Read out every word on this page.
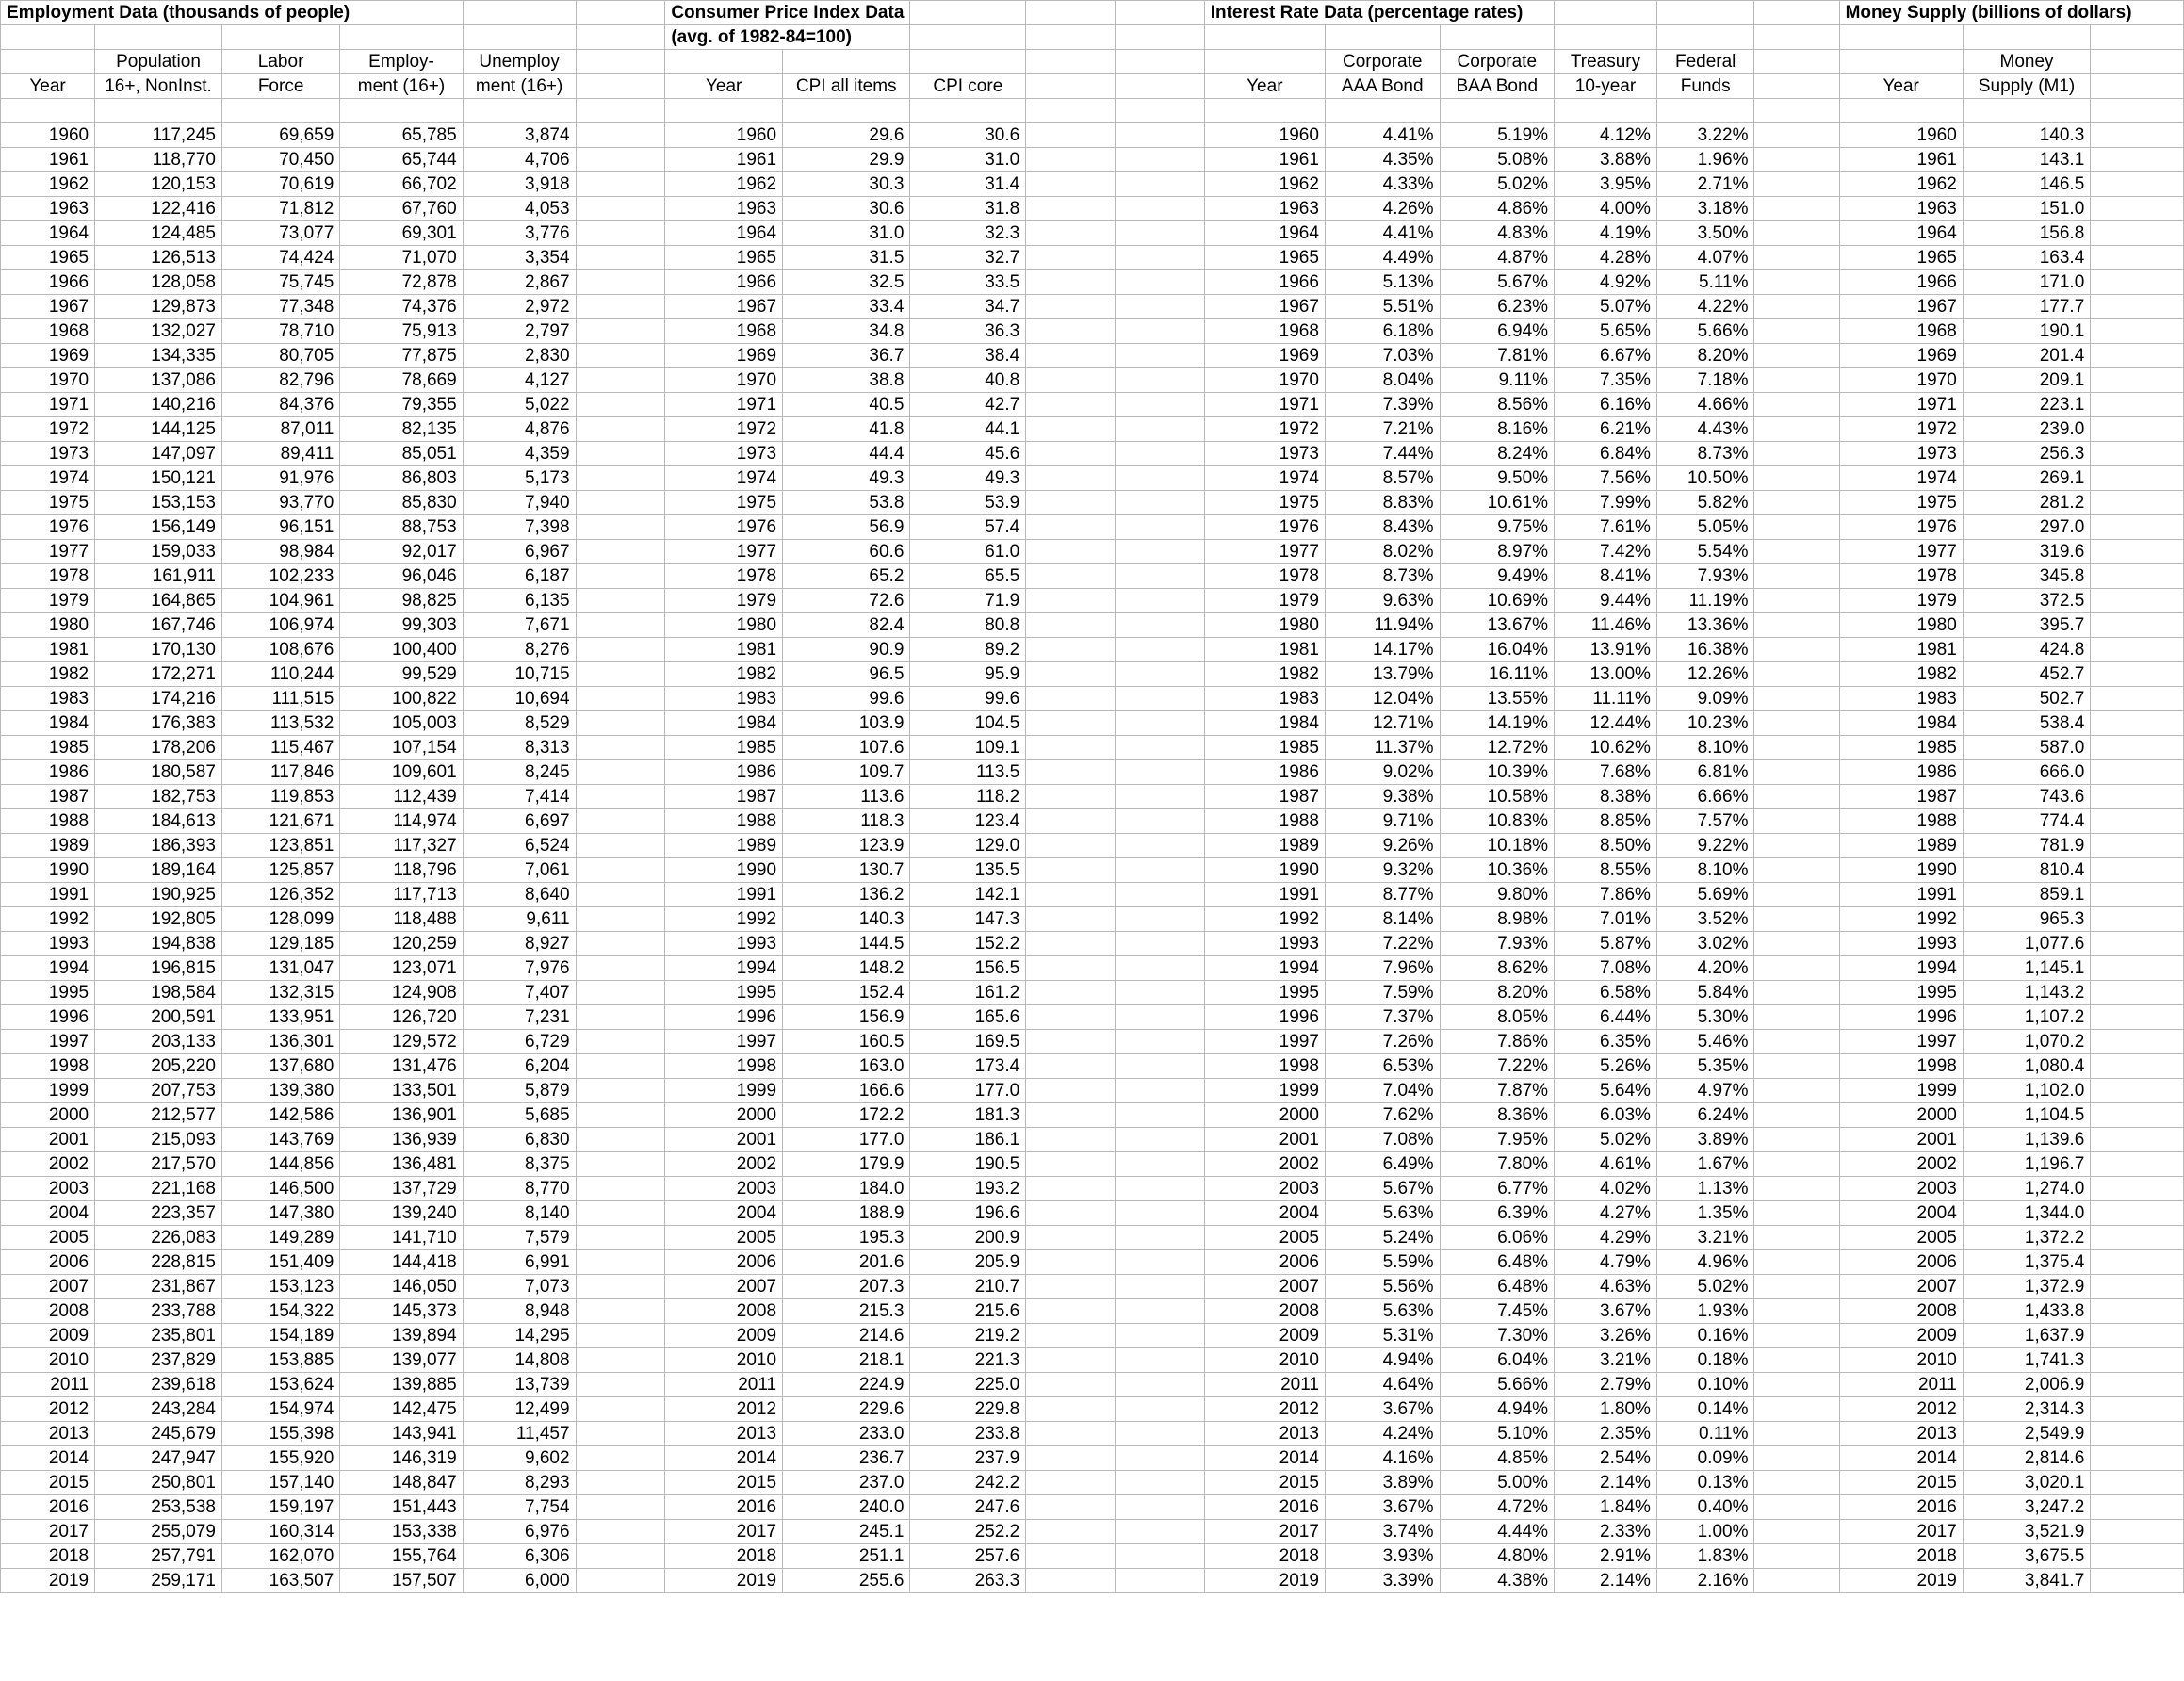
Employment Data (thousands of people)						Consumer Price Index Data					Interest Rate Data (percentage rates)						Money Supply (billions of dollars)		
						(avg. of 1982-84=100)													
	Population	Labor	Employ-	Unemploy								Corporate	Corporate	Treasury	Federal			Money	
Year	16+, NonInst.	Force	ment (16+)	ment (16+)		Year	CPI all items	CPI core			Year	AAA Bond	BAA Bond	10-year	Funds		Year	Supply (M1)	

1960	117,245	69,659	65,785	3,874		1960	29.6	30.6			1960	4.41%	5.19%	4.12%	3.22%		1960	140.3	
1961	118,770	70,450	65,744	4,706		1961	29.9	31.0			1961	4.35%	5.08%	3.88%	1.96%		1961	143.1	
1962	120,153	70,619	66,702	3,918		1962	30.3	31.4			1962	4.33%	5.02%	3.95%	2.71%		1962	146.5	
1963	122,416	71,812	67,760	4,053		1963	30.6	31.8			1963	4.26%	4.86%	4.00%	3.18%		1963	151.0	
1964	124,485	73,077	69,301	3,776		1964	31.0	32.3			1964	4.41%	4.83%	4.19%	3.50%		1964	156.8	
1965	126,513	74,424	71,070	3,354		1965	31.5	32.7			1965	4.49%	4.87%	4.28%	4.07%		1965	163.4	
1966	128,058	75,745	72,878	2,867		1966	32.5	33.5			1966	5.13%	5.67%	4.92%	5.11%		1966	171.0	
1967	129,873	77,348	74,376	2,972		1967	33.4	34.7			1967	5.51%	6.23%	5.07%	4.22%		1967	177.7	
1968	132,027	78,710	75,913	2,797		1968	34.8	36.3			1968	6.18%	6.94%	5.65%	5.66%		1968	190.1	
1969	134,335	80,705	77,875	2,830		1969	36.7	38.4			1969	7.03%	7.81%	6.67%	8.20%		1969	201.4	
1970	137,086	82,796	78,669	4,127		1970	38.8	40.8			1970	8.04%	9.11%	7.35%	7.18%		1970	209.1	
1971	140,216	84,376	79,355	5,022		1971	40.5	42.7			1971	7.39%	8.56%	6.16%	4.66%		1971	223.1	
1972	144,125	87,011	82,135	4,876		1972	41.8	44.1			1972	7.21%	8.16%	6.21%	4.43%		1972	239.0	
1973	147,097	89,411	85,051	4,359		1973	44.4	45.6			1973	7.44%	8.24%	6.84%	8.73%		1973	256.3	
1974	150,121	91,976	86,803	5,173		1974	49.3	49.3			1974	8.57%	9.50%	7.56%	10.50%		1974	269.1	
1975	153,153	93,770	85,830	7,940		1975	53.8	53.9			1975	8.83%	10.61%	7.99%	5.82%		1975	281.2	
1976	156,149	96,151	88,753	7,398		1976	56.9	57.4			1976	8.43%	9.75%	7.61%	5.05%		1976	297.0	
1977	159,033	98,984	92,017	6,967		1977	60.6	61.0			1977	8.02%	8.97%	7.42%	5.54%		1977	319.6	
1978	161,911	102,233	96,046	6,187		1978	65.2	65.5			1978	8.73%	9.49%	8.41%	7.93%		1978	345.8	
1979	164,865	104,961	98,825	6,135		1979	72.6	71.9			1979	9.63%	10.69%	9.44%	11.19%		1979	372.5	
1980	167,746	106,974	99,303	7,671		1980	82.4	80.8			1980	11.94%	13.67%	11.46%	13.36%		1980	395.7	
1981	170,130	108,676	100,400	8,276		1981	90.9	89.2			1981	14.17%	16.04%	13.91%	16.38%		1981	424.8	
1982	172,271	110,244	99,529	10,715		1982	96.5	95.9			1982	13.79%	16.11%	13.00%	12.26%		1982	452.7	
1983	174,216	111,515	100,822	10,694		1983	99.6	99.6			1983	12.04%	13.55%	11.11%	9.09%		1983	502.7	
1984	176,383	113,532	105,003	8,529		1984	103.9	104.5			1984	12.71%	14.19%	12.44%	10.23%		1984	538.4	
1985	178,206	115,467	107,154	8,313		1985	107.6	109.1			1985	11.37%	12.72%	10.62%	8.10%		1985	587.0	
1986	180,587	117,846	109,601	8,245		1986	109.7	113.5			1986	9.02%	10.39%	7.68%	6.81%		1986	666.0	
1987	182,753	119,853	112,439	7,414		1987	113.6	118.2			1987	9.38%	10.58%	8.38%	6.66%		1987	743.6	
1988	184,613	121,671	114,974	6,697		1988	118.3	123.4			1988	9.71%	10.83%	8.85%	7.57%		1988	774.4	
1989	186,393	123,851	117,327	6,524		1989	123.9	129.0			1989	9.26%	10.18%	8.50%	9.22%		1989	781.9	
1990	189,164	125,857	118,796	7,061		1990	130.7	135.5			1990	9.32%	10.36%	8.55%	8.10%		1990	810.4	
1991	190,925	126,352	117,713	8,640		1991	136.2	142.1			1991	8.77%	9.80%	7.86%	5.69%		1991	859.1	
1992	192,805	128,099	118,488	9,611		1992	140.3	147.3			1992	8.14%	8.98%	7.01%	3.52%		1992	965.3	
1993	194,838	129,185	120,259	8,927		1993	144.5	152.2			1993	7.22%	7.93%	5.87%	3.02%		1993	1,077.6	
1994	196,815	131,047	123,071	7,976		1994	148.2	156.5			1994	7.96%	8.62%	7.08%	4.20%		1994	1,145.1	
1995	198,584	132,315	124,908	7,407		1995	152.4	161.2			1995	7.59%	8.20%	6.58%	5.84%		1995	1,143.2	
1996	200,591	133,951	126,720	7,231		1996	156.9	165.6			1996	7.37%	8.05%	6.44%	5.30%		1996	1,107.2	
1997	203,133	136,301	129,572	6,729		1997	160.5	169.5			1997	7.26%	7.86%	6.35%	5.46%		1997	1,070.2	
1998	205,220	137,680	131,476	6,204		1998	163.0	173.4			1998	6.53%	7.22%	5.26%	5.35%		1998	1,080.4	
1999	207,753	139,380	133,501	5,879		1999	166.6	177.0			1999	7.04%	7.87%	5.64%	4.97%		1999	1,102.0	
2000	212,577	142,586	136,901	5,685		2000	172.2	181.3			2000	7.62%	8.36%	6.03%	6.24%		2000	1,104.5	
2001	215,093	143,769	136,939	6,830		2001	177.0	186.1			2001	7.08%	7.95%	5.02%	3.89%		2001	1,139.6	
2002	217,570	144,856	136,481	8,375		2002	179.9	190.5			2002	6.49%	7.80%	4.61%	1.67%		2002	1,196.7	
2003	221,168	146,500	137,729	8,770		2003	184.0	193.2			2003	5.67%	6.77%	4.02%	1.13%		2003	1,274.0	
2004	223,357	147,380	139,240	8,140		2004	188.9	196.6			2004	5.63%	6.39%	4.27%	1.35%		2004	1,344.0	
2005	226,083	149,289	141,710	7,579		2005	195.3	200.9			2005	5.24%	6.06%	4.29%	3.21%		2005	1,372.2	
2006	228,815	151,409	144,418	6,991		2006	201.6	205.9			2006	5.59%	6.48%	4.79%	4.96%		2006	1,375.4	
2007	231,867	153,123	146,050	7,073		2007	207.3	210.7			2007	5.56%	6.48%	4.63%	5.02%		2007	1,372.9	
2008	233,788	154,322	145,373	8,948		2008	215.3	215.6			2008	5.63%	7.45%	3.67%	1.93%		2008	1,433.8	
2009	235,801	154,189	139,894	14,295		2009	214.6	219.2			2009	5.31%	7.30%	3.26%	0.16%		2009	1,637.9	
2010	237,829	153,885	139,077	14,808		2010	218.1	221.3			2010	4.94%	6.04%	3.21%	0.18%		2010	1,741.3	
2011	239,618	153,624	139,885	13,739		2011	224.9	225.0			2011	4.64%	5.66%	2.79%	0.10%		2011	2,006.9	
2012	243,284	154,974	142,475	12,499		2012	229.6	229.8			2012	3.67%	4.94%	1.80%	0.14%		2012	2,314.3	
2013	245,679	155,398	143,941	11,457		2013	233.0	233.8			2013	4.24%	5.10%	2.35%	0.11%		2013	2,549.9	
2014	247,947	155,920	146,319	9,602		2014	236.7	237.9			2014	4.16%	4.85%	2.54%	0.09%		2014	2,814.6	
2015	250,801	157,140	148,847	8,293		2015	237.0	242.2			2015	3.89%	5.00%	2.14%	0.13%		2015	3,020.1	
2016	253,538	159,197	151,443	7,754		2016	240.0	247.6			2016	3.67%	4.72%	1.84%	0.40%		2016	3,247.2	
2017	255,079	160,314	153,338	6,976		2017	245.1	252.2			2017	3.74%	4.44%	2.33%	1.00%		2017	3,521.9	
2018	257,791	162,070	155,764	6,306		2018	251.1	257.6			2018	3.93%	4.80%	2.91%	1.83%		2018	3,675.5	
2019	259,171	163,507	157,507	6,000		2019	255.6	263.3			2019	3.39%	4.38%	2.14%	2.16%		2019	3,841.7	
